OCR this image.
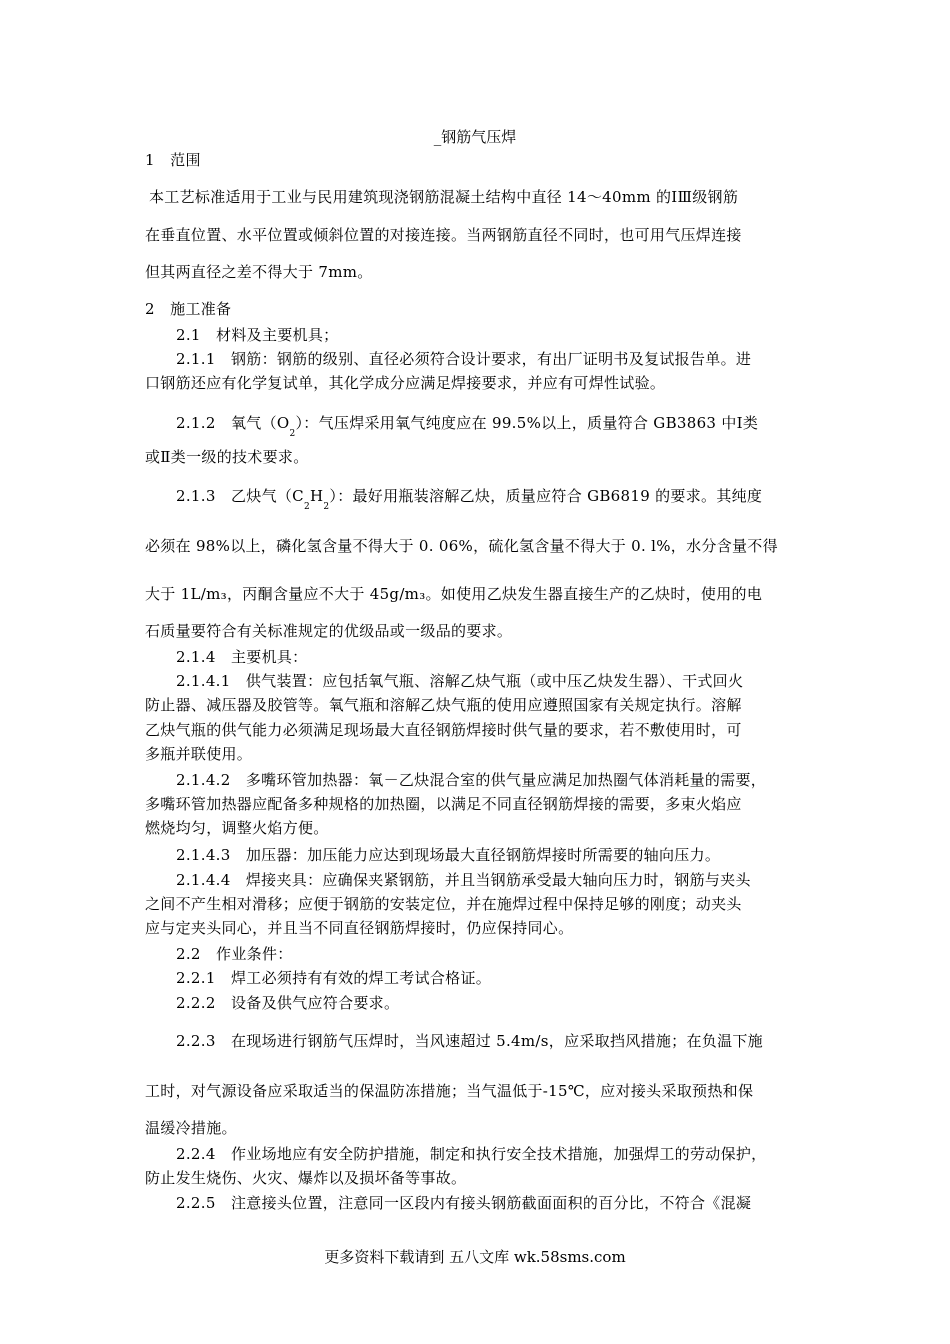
_钢筋气压焊
1　范围
本工艺标准适用于工业与民用建筑现浇钢筋混凝土结构中直径 14～40mm 的ⅠⅢ级钢筋
在垂直位置、水平位置或倾斜位置的对接连接。当两钢筋直径不同时，也可用气压焊连接
但其两直径之差不得大于 7mm。
2　施工准备
2.1　材料及主要机具；
2.1.1　钢筋：钢筋的级别、直径必须符合设计要求，有出厂证明书及复试报告单。进
口钢筋还应有化学复试单，其化学成分应满足焊接要求，并应有可焊性试验。
2.1.2　氧气$(O_2)$：气压焊采用氧气纯度应在 99.5%以上，质量符合 GB3863 中Ⅰ类
或Ⅱ类一级的技术要求。
2.1.3　乙炔气$(C_2H_2)$：最好用瓶装溶解乙炔，质量应符合 GB6819 的要求。其纯度
必须在 98%以上，磷化氢含量不得大于 0. 06%，硫化氢含量不得大于 0. l%，水分含量不得
大于 1L/m₃，丙酮含量应不大于 45g/m₃。如使用乙炔发生器直接生产的乙炔时，使用的电
石质量要符合有关标准规定的优级品或一级品的要求。
2.1.4　主要机具：
2.1.4.1　供气装置：应包括氧气瓶、溶解乙炔气瓶（或中压乙炔发生器）、干式回火
防止器、减压器及胶管等。氧气瓶和溶解乙炔气瓶的使用应遵照国家有关规定执行。溶解
乙炔气瓶的供气能力必须满足现场最大直径钢筋焊接时供气量的要求，若不敷使用时，可
多瓶并联使用。
2.1.4.2　多嘴环管加热器：氧－乙炔混合室的供气量应满足加热圈气体消耗量的需要，
多嘴环管加热器应配备多种规格的加热圈，以满足不同直径钢筋焊接的需要，多束火焰应
燃烧均匀，调整火焰方便。
2.1.4.3　加压器：加压能力应达到现场最大直径钢筋焊接时所需要的轴向压力。
2.1.4.4　焊接夹具：应确保夹紧钢筋，并且当钢筋承受最大轴向压力时，钢筋与夹头
之间不产生相对滑移；应便于钢筋的安装定位，并在施焊过程中保持足够的刚度；动夹头
应与定夹头同心，并且当不同直径钢筋焊接时，仍应保持同心。
2.2　作业条件：
2.2.1　焊工必须持有有效的焊工考试合格证。
2.2.2　设备及供气应符合要求。
2.2.3　在现场进行钢筋气压焊时，当风速超过 5.4m/s，应采取挡风措施；在负温下施
工时，对气源设备应采取适当的保温防冻措施；当气温低于-15℃，应对接头采取预热和保
温缓冷措施。
2.2.4　作业场地应有安全防护措施，制定和执行安全技术措施，加强焊工的劳动保护，
防止发生烧伤、火灾、爆炸以及损坏备等事故。
2.2.5　注意接头位置，注意同一区段内有接头钢筋截面面积的百分比，不符合《混凝
更多资料下载请到 五八文库 wk.58sms.com
